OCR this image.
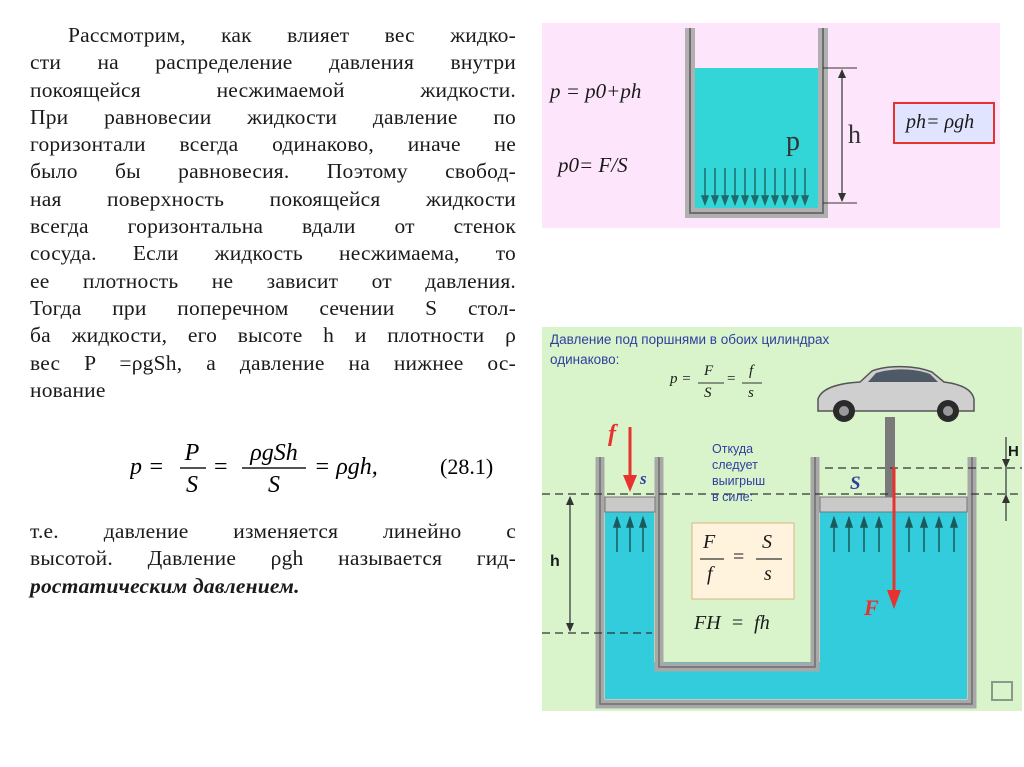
Рассмотрим, как влияет вес жидко-
сти на распределение давления внутри
покоящейся несжимаемой жидкости.
При равновесии жидкости давление по
горизонтали всегда одинаково, иначе не
было бы равновесия. Поэтому свобод-
ная поверхность покоящейся жидкости
всегда горизонтальна вдали от стенок
сосуда. Если жидкость несжимаема, то
ее плотность не зависит от давления.
Тогда при поперечном сечении S стол-
ба жидкости, его высоте h и плотности ρ
вес P =ρgSh, а давление на нижнее ос-
нование
p =
P
S
=
ρgSh
S
= ρgh,	(28.1)
т.е. давление изменяется линейно с
высотой. Давление ρgh называется гид-
ростатическим давлением.
p = p0+ph
p0= F/S
p h ph= ρgh
Давление под поршнями в обоих цилиндрах
одинаково:
p = F
S
= f
s
Откуда
следует
выигрыш
в силе:
F
f
=
S
s
FH  =  fh
f
s	S
F
h
H
